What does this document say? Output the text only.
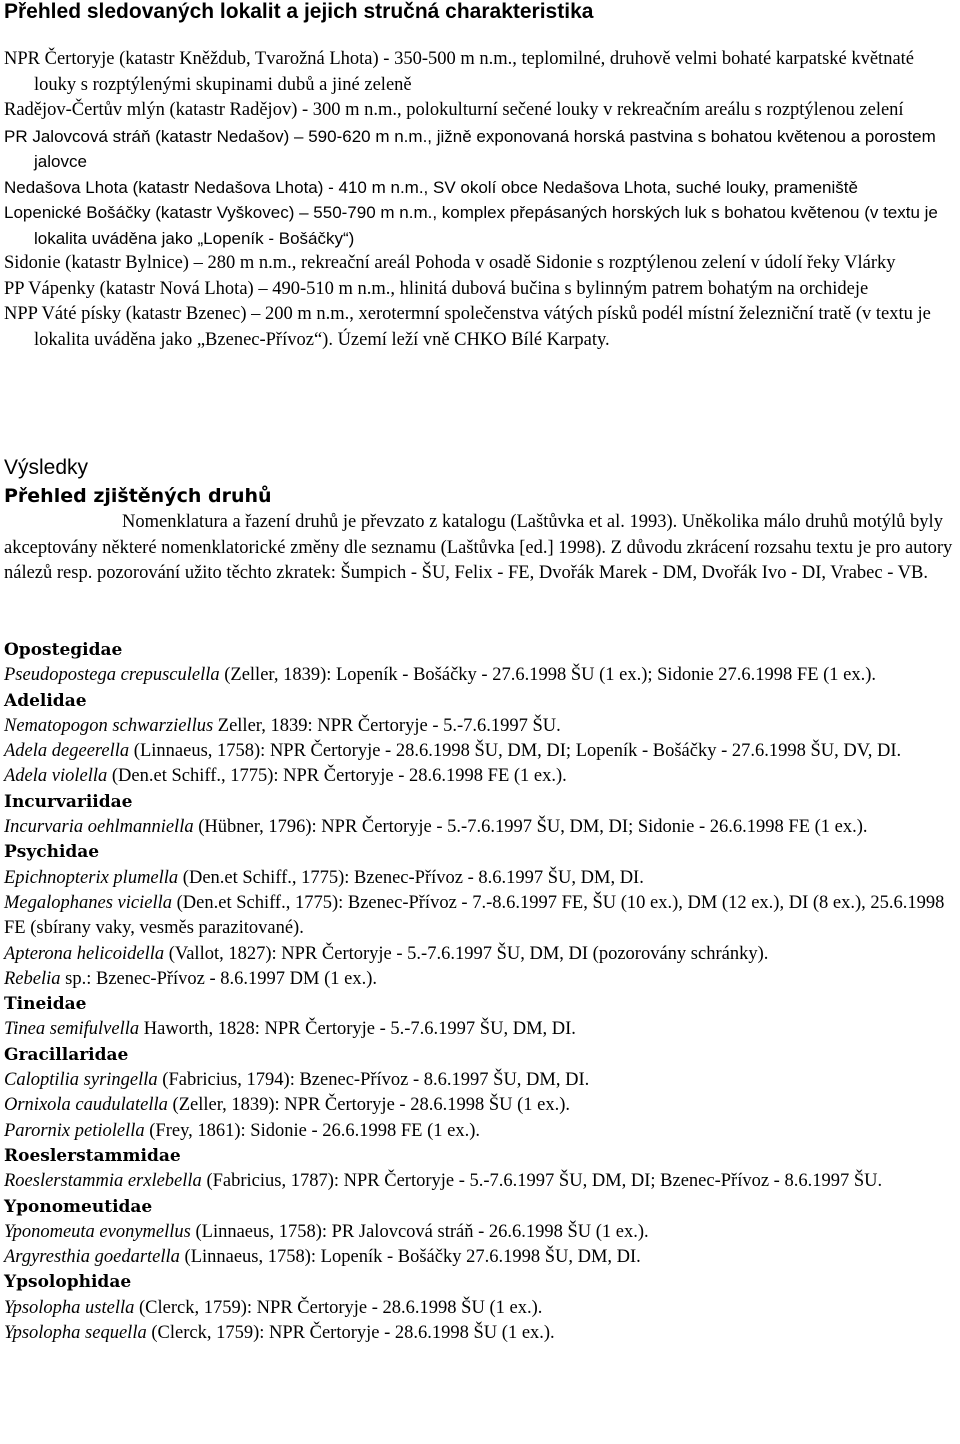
Přehled sledovaných lokalit a jejich stručná charakteristika

NPR Čertoryje (katastr Kněždub, Tvarožná Lhota) - 350-500 m n.m., teplomilné, druhově velmi bohaté karpatské květnaté louky s rozptýlenými skupinami dubů a jiné zeleně

Radějov-Čertův mlýn (katastr Radějov) - 300 m n.m., polokulturní sečené louky v rekreačním areálu s rozptýlenou zelení

PR Jalovcová stráň (katastr Nedašov) – 590-620 m n.m., jižně exponovaná horská pastvina s bohatou květenou a porostem jalovce

Nedašova Lhota (katastr Nedašova Lhota) - 410 m n.m., SV okolí obce Nedašova Lhota, suché louky, prameniště

Lopenické Bošáčky (katastr Vyškovec) – 550-790 m n.m., komplex přepásaných horských luk s bohatou květenou (v textu je lokalita uváděna jako „Lopeník - Bošáčky“)

Sidonie (katastr Bylnice) – 280 m n.m., rekreační areál Pohoda v osadě Sidonie s rozptýlenou zelení v údolí řeky Vlárky

PP Vápenky (katastr Nová Lhota) – 490-510 m n.m., hlinitá dubová bučina s bylinným patrem bohatým na orchideje

NPP Váté písky (katastr Bzenec) – 200 m n.m., xerotermní společenstva vátých písků podél místní železniční tratě (v textu je lokalita uváděna jako „Bzenec-Přívoz“). Území leží vně CHKO Bílé Karpaty.

Výsledky
Přehled zjištěných druhů

Nomenklatura a řazení druhů je převzato z katalogu (Laštůvka et al. 1993). Uněkolika málo druhů motýlů byly akceptovány některé nomenklatorické změny dle seznamu (Laštůvka [ed.] 1998). Z důvodu zkrácení rozsahu textu je pro autory nálezů resp. pozorování užito těchto zkratek: Šumpich - ŠU, Felix - FE, Dvořák Marek - DM, Dvořák Ivo - DI, Vrabec - VB.

Opostegidae

Pseudopostega crepusculella (Zeller, 1839): Lopeník - Bošáčky - 27.6.1998 ŠU (1 ex.); Sidonie 27.6.1998 FE (1 ex.).

Adelidae

Nematopogon schwarziellus Zeller, 1839: NPR Čertoryje - 5.-7.6.1997 ŠU.

Adela degeerella (Linnaeus, 1758): NPR Čertoryje - 28.6.1998 ŠU, DM, DI; Lopeník - Bošáčky - 27.6.1998 ŠU, DV, DI.

Adela violella (Den.et Schiff., 1775): NPR Čertoryje - 28.6.1998 FE (1 ex.).

Incurvariidae

Incurvaria oehlmanniella (Hübner, 1796): NPR Čertoryje - 5.-7.6.1997 ŠU, DM, DI; Sidonie - 26.6.1998 FE (1 ex.).

Psychidae

Epichnopterix plumella (Den.et Schiff., 1775): Bzenec-Přívoz - 8.6.1997 ŠU, DM, DI.

Megalophanes viciella (Den.et Schiff., 1775): Bzenec-Přívoz - 7.-8.6.1997 FE, ŠU (10 ex.), DM (12 ex.), DI (8 ex.), 25.6.1998 FE (sbírany vaky, vesměs parazitované).

Apterona helicoidella (Vallot, 1827): NPR Čertoryje - 5.-7.6.1997 ŠU, DM, DI (pozorovány schránky).

Rebelia sp.: Bzenec-Přívoz - 8.6.1997 DM (1 ex.).

Tineidae

Tinea semifulvella Haworth, 1828: NPR Čertoryje - 5.-7.6.1997 ŠU, DM, DI.

Gracillaridae

Caloptilia syringella (Fabricius, 1794): Bzenec-Přívoz - 8.6.1997 ŠU, DM, DI.

Ornixola caudulatella (Zeller, 1839): NPR Čertoryje - 28.6.1998 ŠU (1 ex.).

Parornix petiolella (Frey, 1861): Sidonie - 26.6.1998 FE (1 ex.).

Roeslerstammidae

Roeslerstammia erxlebella (Fabricius, 1787): NPR Čertoryje - 5.-7.6.1997 ŠU, DM, DI; Bzenec-Přívoz - 8.6.1997 ŠU.

Yponomeutidae

Yponomeuta evonymellus (Linnaeus, 1758): PR Jalovcová stráň - 26.6.1998 ŠU (1 ex.).

Argyresthia goedartella (Linnaeus, 1758): Lopeník - Bošáčky 27.6.1998 ŠU, DM, DI.

Ypsolophidae

Ypsolopha ustella (Clerck, 1759): NPR Čertoryje - 28.6.1998 ŠU (1 ex.).

Ypsolopha sequella (Clerck, 1759): NPR Čertoryje - 28.6.1998 ŠU (1 ex.).
